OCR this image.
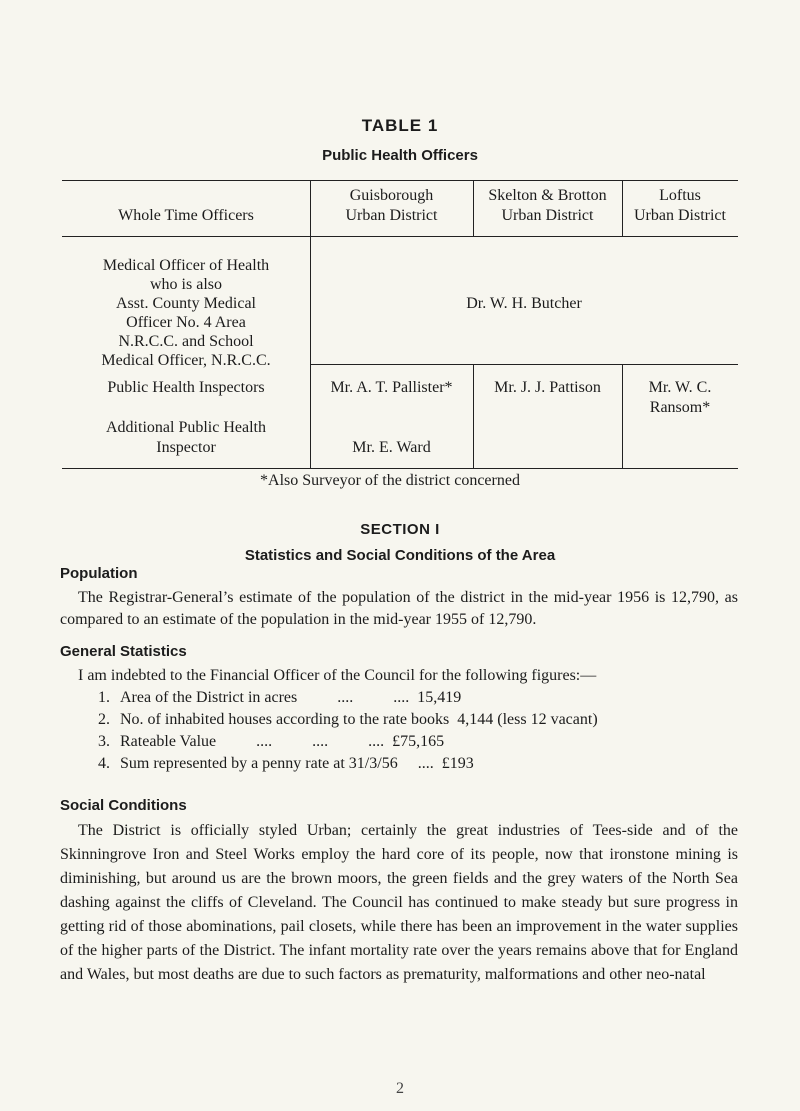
TABLE 1
Public Health Officers
Whole Time Officers
Guisborough
Urban District
Skelton & Brotton
Urban District
Loftus
Urban District
Medical Officer of Health
who is also
Asst. County Medical
Officer No. 4 Area
N.R.C.C. and School
Medical Officer, N.R.C.C.
Dr. W. H. Butcher
Public Health Inspectors
Additional Public Health
Inspector
Mr. A. T. Pallister*
Mr. E. Ward
Mr. J. J. Pattison	Mr. W. C.
Ransom*
*Also Surveyor of the district concerned
SECTION I
Statistics and Social Conditions of the Area
Population
The Registrar-General’s estimate of the population of the district in the mid-year 1956 is 12,790, as compared to an estimate of the population in the mid-year 1955 of 12,790.
General Statistics
I am indebted to the Financial Officer of the Council for the following figures:—
1. Area of the District in acres          ....          ....  15,419
2. No. of inhabited houses according to the rate books  4,144 (less 12 vacant)
3. Rateable Value          ....          ....          ....  £75,165
4. Sum represented by a penny rate at 31/3/56     ....  £193
Social Conditions
The District is officially styled Urban; certainly the great industries of Tees-side and of the Skinningrove Iron and Steel Works employ the hard core of its people, now that ironstone mining is diminishing, but around us are the brown moors, the green fields and the grey waters of the North Sea dashing against the cliffs of Cleveland. The Council has continued to make steady but sure progress in getting rid of those abominations, pail closets, while there has been an improvement in the water supplies of the higher parts of the District. The infant mortality rate over the years remains above that for England and Wales, but most deaths are due to such factors as prematurity, malformations and other neo-natal
2
